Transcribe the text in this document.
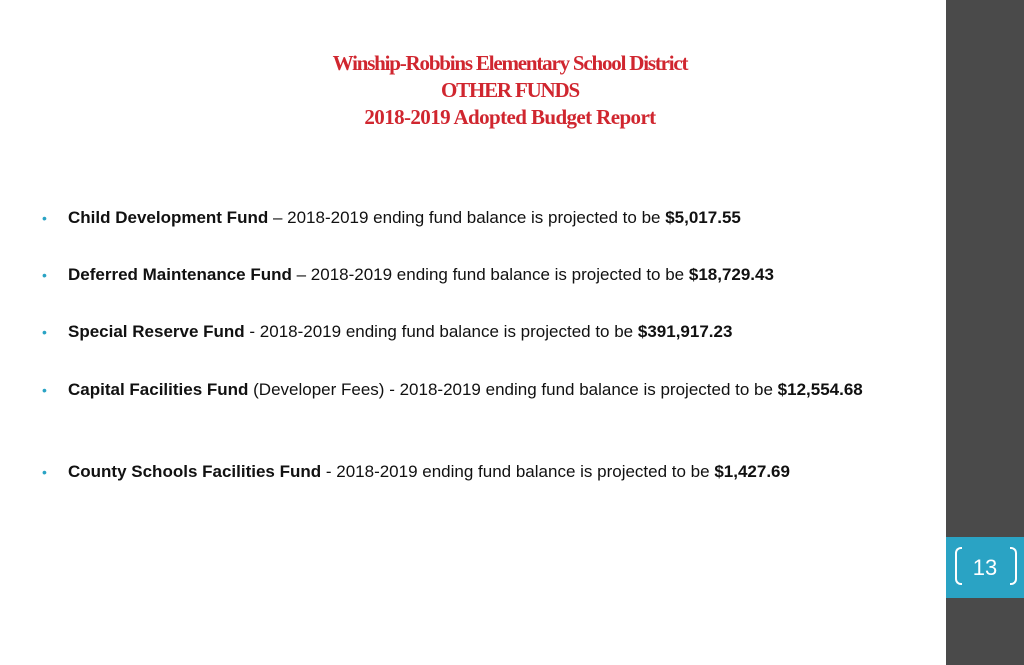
Winship-Robbins Elementary School District
OTHER FUNDS
2018-2019 Adopted Budget Report
• Child Development Fund – 2018-2019 ending fund balance is projected to be $5,017.55
• Deferred Maintenance Fund – 2018-2019 ending fund balance is projected to be $18,729.43
• Special Reserve Fund - 2018-2019 ending fund balance is projected to be $391,917.23
• Capital Facilities Fund (Developer Fees) - 2018-2019 ending fund balance is projected to be $12,554.68
• County Schools Facilities Fund - 2018-2019 ending fund balance is projected to be $1,427.69
13
